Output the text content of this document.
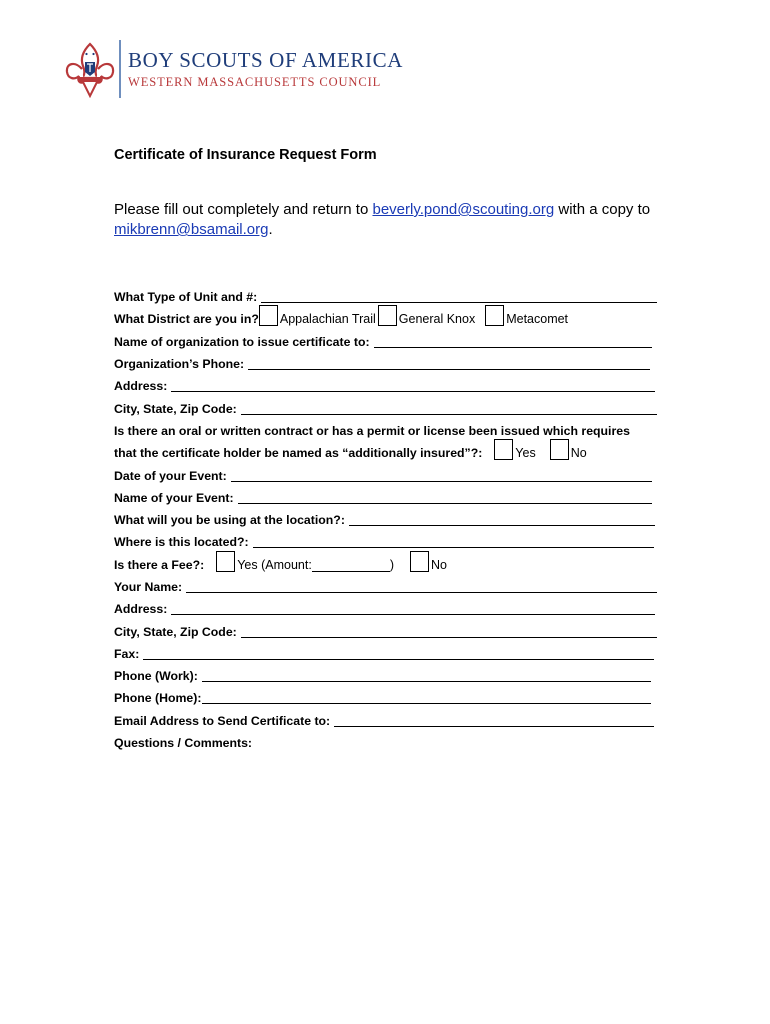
BOY SCOUTS OF AMERICA
WESTERN MASSACHUSETTS COUNCIL
Certificate of Insurance Request Form
Please fill out completely and return to beverly.pond@scouting.org with a copy to mikbrenn@bsamail.org.
What Type of Unit and #:
What District are you in? Appalachian Trail General Knox Metacomet
Name of organization to issue certificate to:
Organization’s Phone:
Address:
City, State, Zip Code:
Is there an oral or written contract or has a permit or license been issued which requires
that the certificate holder be named as “additionally insured”?:	Yes	No
Date of your Event:
Name of your Event:
What will you be using at the location?:
Where is this located?:
Is there a Fee?:	Yes (Amount:	)	No
Your Name:
Address:
City, State, Zip Code:
Fax:
Phone (Work):
Phone (Home):
Email Address to Send Certificate to:
Questions / Comments:
